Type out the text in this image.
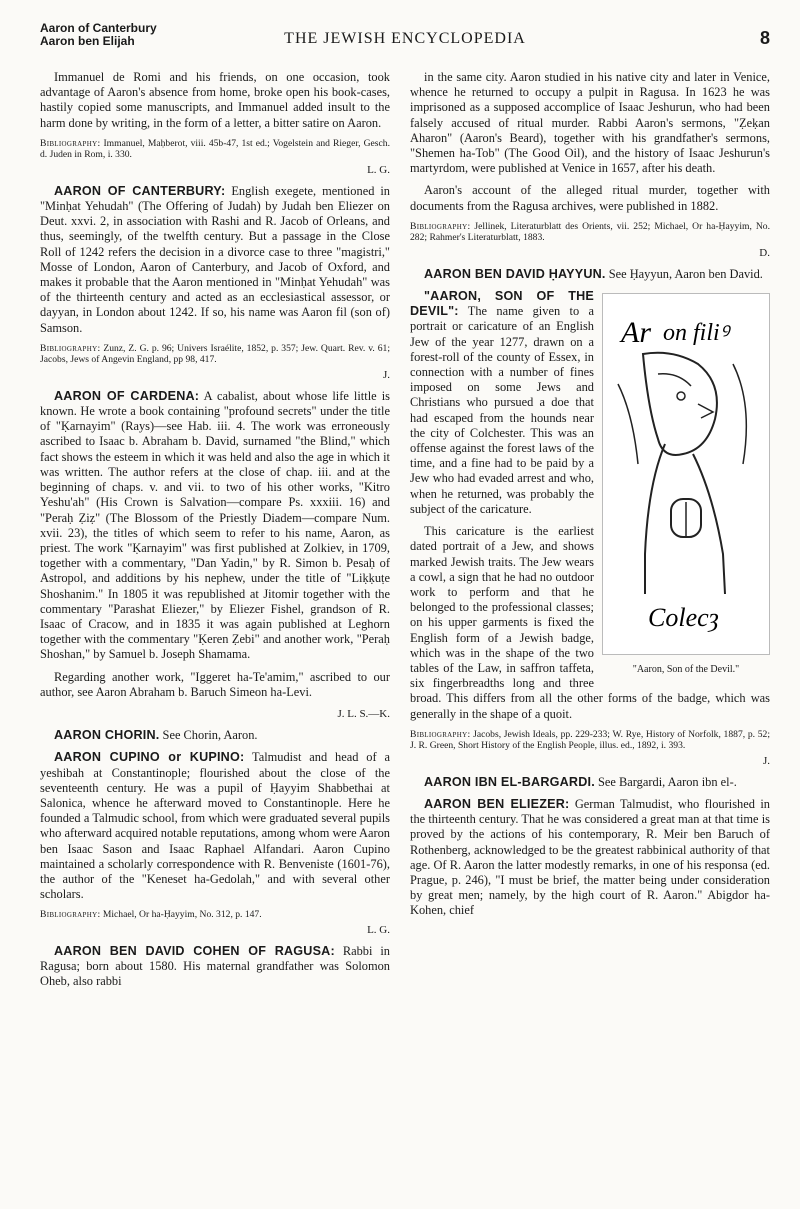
Aaron of Canterbury
Aaron ben Elijah	THE JEWISH ENCYCLOPEDIA	8

Immanuel de Romi and his friends, on one occasion, took advantage of Aaron's absence from home, broke open his book-cases, hastily copied some manuscripts, and Immanuel added insult to the harm done by writing, in the form of a letter, a bitter satire on Aaron.

Bibliography: Immanuel, Maḥberot, viii. 45b-47, 1st ed.; Vogelstein and Rieger, Gesch. d. Juden in Rom, i. 330.

L. G.

AARON OF CANTERBURY: English exegete, mentioned in "Minḥat Yehudah" (The Offering of Judah) by Judah ben Eliezer on Deut. xxvi. 2, in association with Rashi and R. Jacob of Orleans, and thus, seemingly, of the twelfth century. But a passage in the Close Roll of 1242 refers the decision in a divorce case to three "magistri," Mosse of London, Aaron of Canterbury, and Jacob of Oxford, and makes it probable that the Aaron mentioned in "Minḥat Yehudah" was of the thirteenth century and acted as an ecclesiastical assessor, or dayyan, in London about 1242. If so, his name was Aaron fil (son of) Samson.

Bibliography: Zunz, Z. G. p. 96; Univers Israélite, 1852, p. 357; Jew. Quart. Rev. v. 61; Jacobs, Jews of Angevin England, pp 98, 417.

J.

AARON OF CARDENA: A cabalist, about whose life little is known. He wrote a book containing "profound secrets" under the title of "Ḳarnayim" (Rays)—see Hab. iii. 4. The work was erroneously ascribed to Isaac b. Abraham b. David, surnamed "the Blind," which fact shows the esteem in which it was held and also the age in which it was written. The author refers at the close of chap. iii. and at the beginning of chaps. v. and vii. to two of his other works, "Kitro Yeshu'ah" (His Crown is Salvation—compare Ps. xxxiii. 16) and "Peraḥ Ẓiẓ" (The Blossom of the Priestly Diadem—compare Num. xvii. 23), the titles of which seem to refer to his name, Aaron, as priest. The work "Ḳarnayim" was first published at Zolkiev, in 1709, together with a commentary, "Dan Yadin," by R. Simon b. Pesaḥ of Astropol, and additions by his nephew, under the title of "Liḳḳuṭe Shoshanim." In 1805 it was republished at Jitomir together with the commentary "Parashat Eliezer," by Eliezer Fishel, grandson of R. Isaac of Cracow, and in 1835 it was again published at Leghorn together with the commentary "Ḳeren Ẓebi" and another work, "Peraḥ Shoshan," by Samuel b. Joseph Shamama.

Regarding another work, "Iggeret ha-Te'amim," ascribed to our author, see Aaron Abraham b. Baruch Simeon ha-Levi.

J. L. S.—K.

AARON CHORIN. See Chorin, Aaron.

AARON CUPINO or KUPINO: Talmudist and head of a yeshibah at Constantinople; flourished about the close of the seventeenth century. He was a pupil of Ḥayyim Shabbethai at Salonica, whence he afterward moved to Constantinople. Here he founded a Talmudic school, from which were graduated several pupils who afterward acquired notable reputations, among whom were Aaron ben Isaac Sason and Isaac Raphael Alfandari. Aaron Cupino maintained a scholarly correspondence with R. Benveniste (1601-76), the author of the "Keneset ha-Gedolah," and with several other scholars.

Bibliography: Michael, Or ha-Ḥayyim, No. 312, p. 147.

L. G.

AARON BEN DAVID COHEN OF RAGUSA: Rabbi in Ragusa; born about 1580. His maternal grandfather was Solomon Oheb, also rabbi

in the same city. Aaron studied in his native city and later in Venice, whence he returned to occupy a pulpit in Ragusa. In 1623 he was imprisoned as a supposed accomplice of Isaac Jeshurun, who had been falsely accused of ritual murder. Rabbi Aaron's sermons, "Ẓeḳan Aharon" (Aaron's Beard), together with his grandfather's sermons, "Shemen ha-Tob" (The Good Oil), and the history of Isaac Jeshurun's martyrdom, were published at Venice in 1657, after his death.

Aaron's account of the alleged ritual murder, together with documents from the Ragusa archives, were published in 1882.

Bibliography: Jellinek, Literaturblatt des Orients, vii. 252; Michael, Or ha-Ḥayyim, No. 282; Rahmer's Literaturblatt, 1883.

D.

AARON BEN DAVID ḤAYYUN. See Ḥayyun, Aaron ben David.

Ar on filiꝰ
Colecȝ
"Aaron, Son of the Devil."

"AARON, SON OF THE DEVIL": The name given to a portrait or caricature of an English Jew of the year 1277, drawn on a forest-roll of the county of Essex, in connection with a number of fines imposed on some Jews and Christians who pursued a doe that had escaped from the hounds near the city of Colchester. This was an offense against the forest laws of the time, and a fine had to be paid by a Jew who had evaded arrest and who, when he returned, was probably the subject of the caricature.

This caricature is the earliest dated portrait of a Jew, and shows marked Jewish traits. The Jew wears a cowl, a sign that he had no outdoor work to perform and that he belonged to the professional classes; on his upper garments is fixed the English form of a Jewish badge, which was in the shape of the two tables of the Law, in saffron taffeta, six fingerbreadths long and three broad. This differs from all the other forms of the badge, which was generally in the shape of a quoit.

Bibliography: Jacobs, Jewish Ideals, pp. 229-233; W. Rye, History of Norfolk, 1887, p. 52; J. R. Green, Short History of the English People, illus. ed., 1892, i. 393.

J.

AARON IBN EL-BARGARDI. See Bargardi, Aaron ibn el-.

AARON BEN ELIEZER: German Talmudist, who flourished in the thirteenth century. That he was considered a great man at that time is proved by the actions of his contemporary, R. Meir ben Baruch of Rothenberg, acknowledged to be the greatest rabbinical authority of that age. Of R. Aaron the latter modestly remarks, in one of his responsa (ed. Prague, p. 246), "I must be brief, the matter being under consideration by great men; namely, by the high court of R. Aaron." Abigdor ha-Kohen, chief
